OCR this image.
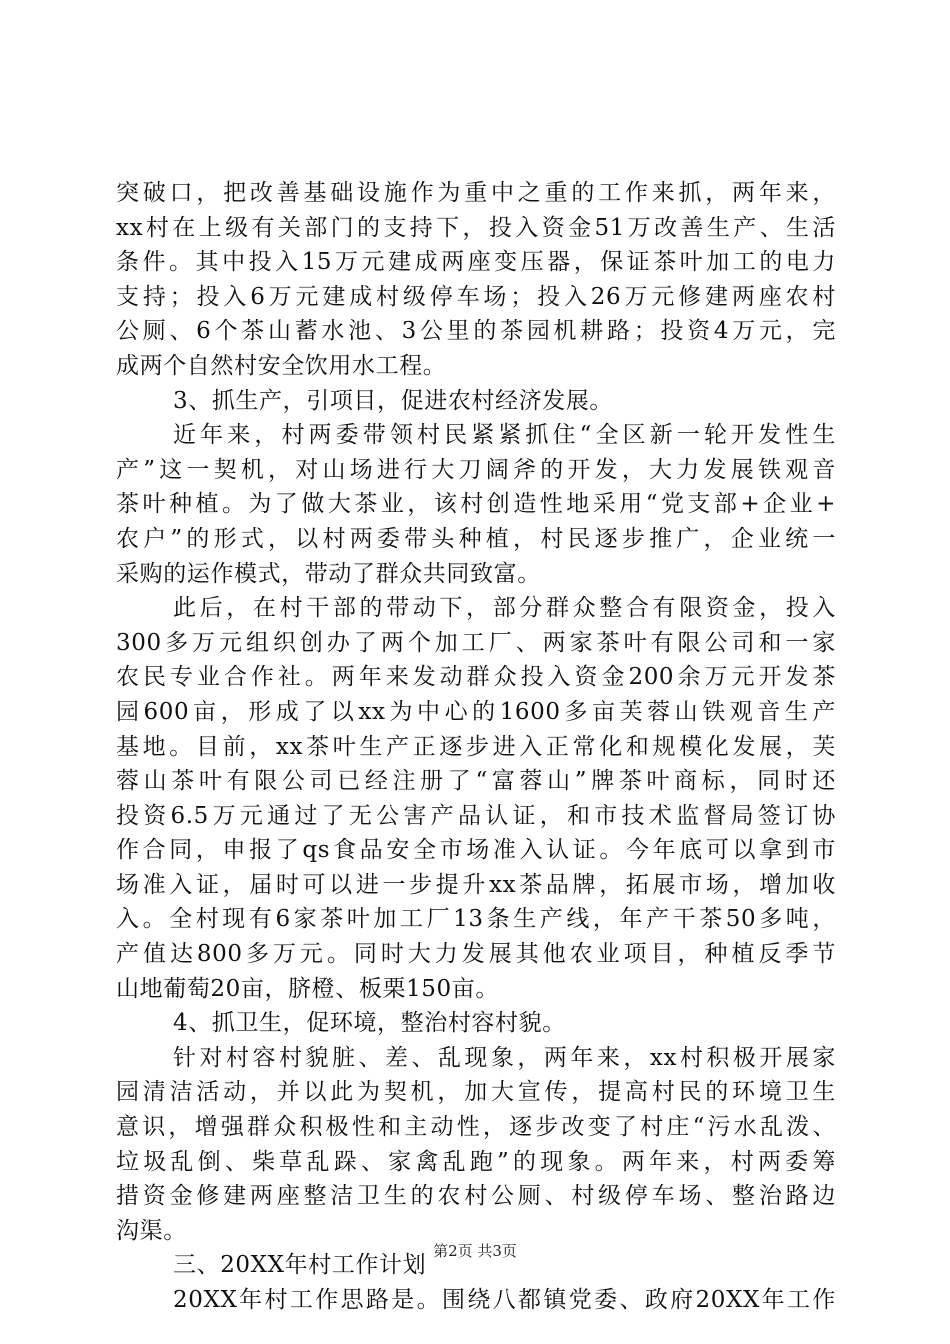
突破口，把改善基础设施作为重中之重的工作来抓，两年来，
xx村在上级有关部门的支持下，投入资金51万改善生产、生活
条件。其中投入15万元建成两座变压器，保证茶叶加工的电力
支持；投入6万元建成村级停车场；投入26万元修建两座农村
公厕、6个茶山蓄水池、3公里的茶园机耕路；投资4万元，完
成两个自然村安全饮用水工程。
3、抓生产，引项目，促进农村经济发展。
近年来，村两委带领村民紧紧抓住“全区新一轮开发性生
产”这一契机，对山场进行大刀阔斧的开发，大力发展铁观音
茶叶种植。为了做大茶业，该村创造性地采用“党支部+企业+
农户”的形式，以村两委带头种植，村民逐步推广，企业统一
采购的运作模式，带动了群众共同致富。
此后，在村干部的带动下，部分群众整合有限资金，投入
300多万元组织创办了两个加工厂、两家茶叶有限公司和一家
农民专业合作社。两年来发动群众投入资金200余万元开发茶
园600亩，形成了以xx为中心的1600多亩芙蓉山铁观音生产
基地。目前，xx茶叶生产正逐步进入正常化和规模化发展，芙
蓉山茶叶有限公司已经注册了“富蓉山”牌茶叶商标，同时还
投资6.5万元通过了无公害产品认证，和市技术监督局签订协
作合同，申报了qs食品安全市场准入认证。今年底可以拿到市
场准入证，届时可以进一步提升xx茶品牌，拓展市场，增加收
入。全村现有6家茶叶加工厂13条生产线，年产干茶50多吨，
产值达800多万元。同时大力发展其他农业项目，种植反季节
山地葡萄20亩，脐橙、板栗150亩。
4、抓卫生，促环境，整治村容村貌。
针对村容村貌脏、差、乱现象，两年来，xx村积极开展家
园清洁活动，并以此为契机，加大宣传，提高村民的环境卫生
意识，增强群众积极性和主动性，逐步改变了村庄“污水乱泼、
垃圾乱倒、柴草乱跺、家禽乱跑”的现象。两年来，村两委筹
措资金修建两座整洁卫生的农村公厕、村级停车场、整治路边
沟渠。
三、20XX年村工作计划
20XX年村工作思路是。围绕八都镇党委、政府20XX年工作
第2页 共3页
